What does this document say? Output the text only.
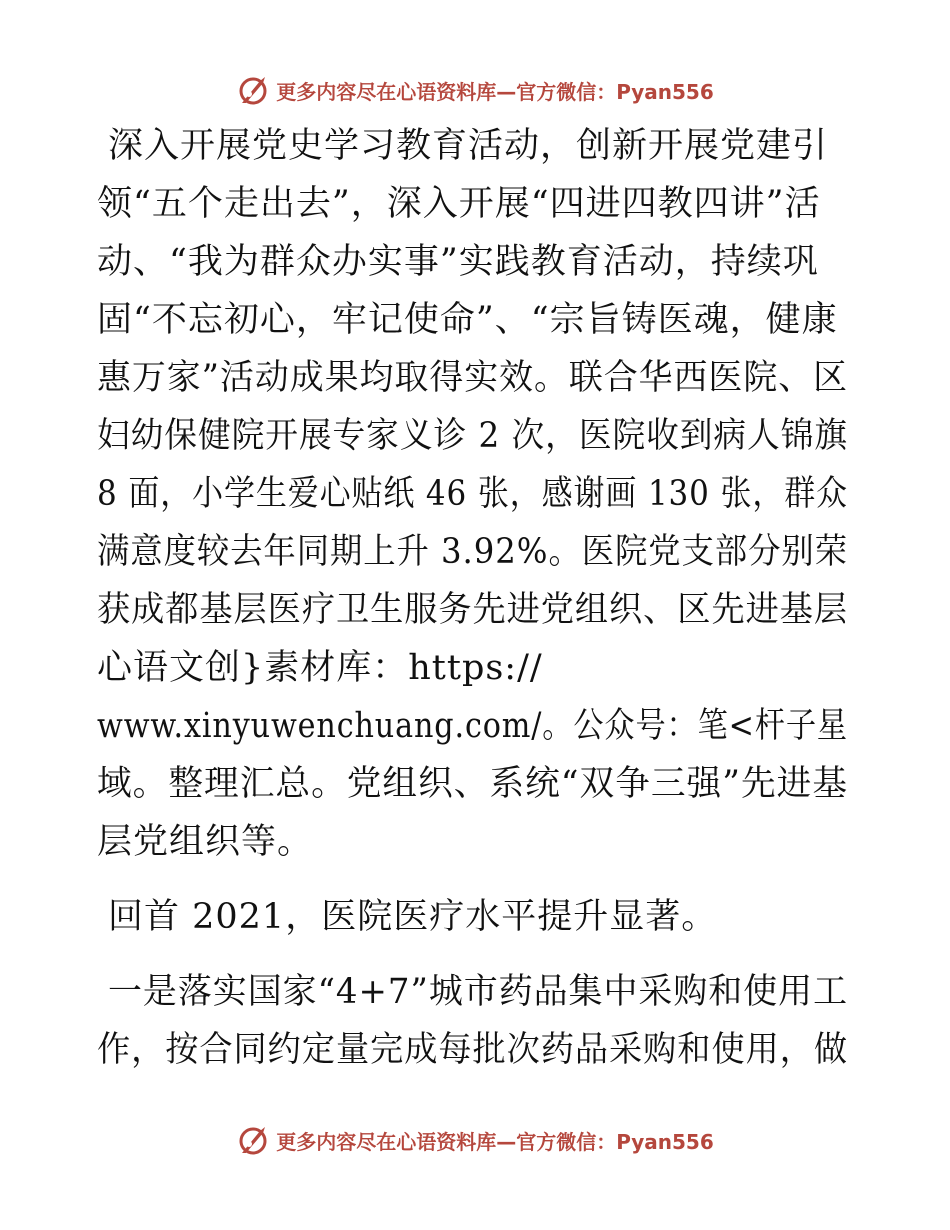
更多内容尽在心语资料库—官方微信：Pyan556
深入开展党史学习教育活动，创新开展党建引
领“五个走出去”，深入开展“四进四教四讲”活
动、“我为群众办实事”实践教育活动，持续巩
固“不忘初心，牢记使命”、“宗旨铸医魂，健康
惠万家”活动成果均取得实效。联合华西医院、区
妇幼保健院开展专家义诊 2 次，医院收到病人锦旗
8 面，小学生爱心贴纸 46 张，感谢画 130 张，群众
满意度较去年同期上升 3.92%。医院党支部分别荣
获成都基层医疗卫生服务先进党组织、区先进基层
心语文创}素材库：https://
www.xinyuwenchuang.com/。公众号：笔<杆子星
域。整理汇总。党组织、系统“双争三强”先进基
层党组织等。
回首 2021，医院医疗水平提升显著。
一是落实国家“4+7”城市药品集中采购和使用工
作，按合同约定量完成每批次药品采购和使用，做
更多内容尽在心语资料库—官方微信：Pyan556
